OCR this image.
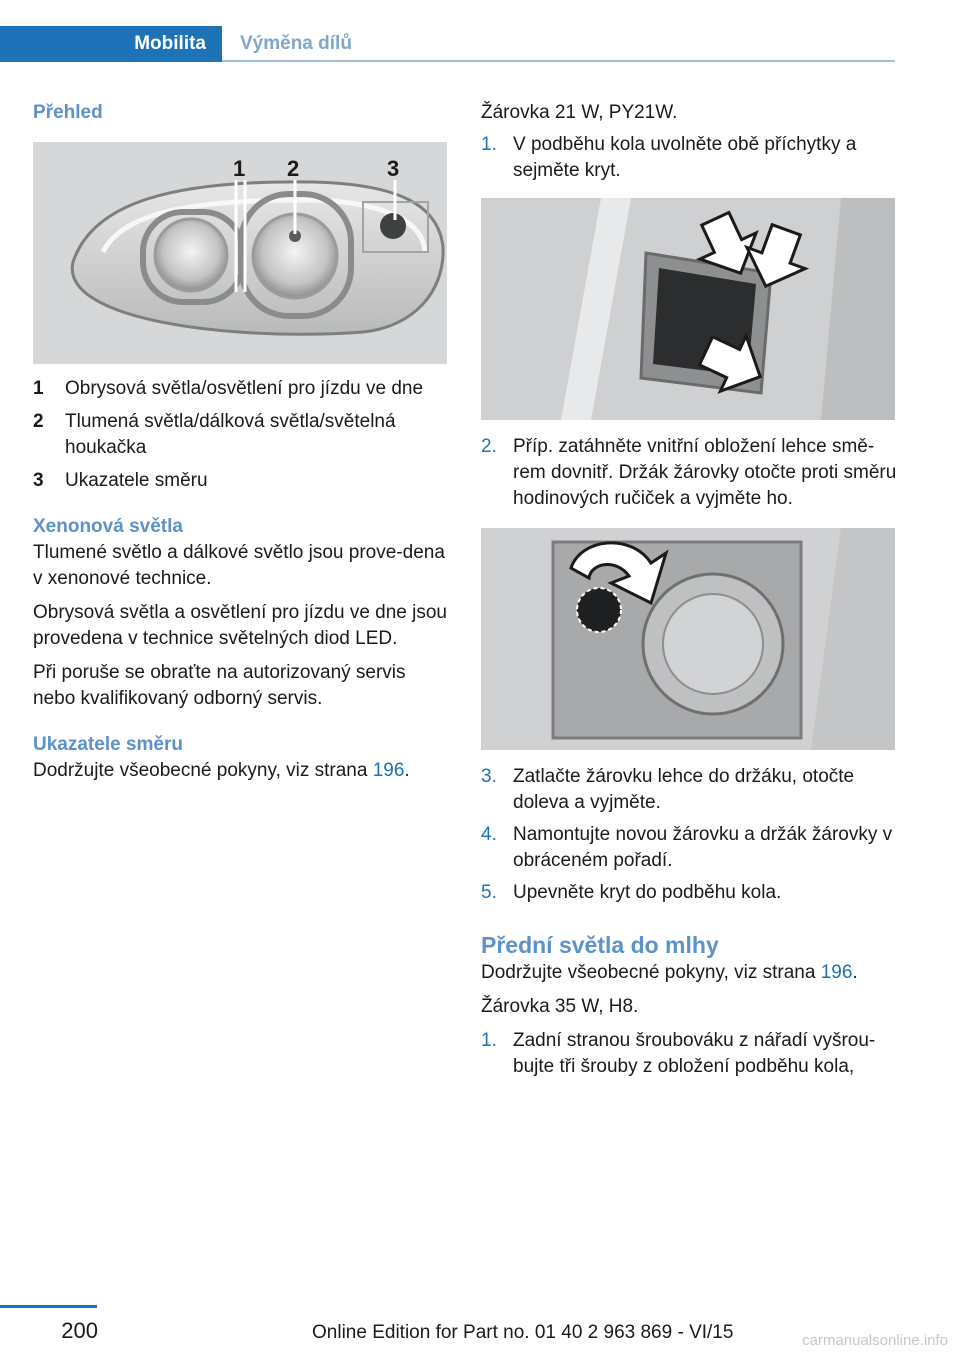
Mobilita Výměna dílů
Přehled
1 2	3
1	Obrysová světla/osvětlení pro jízdu ve dne
2	Tlumená světla/dálková světla/světelná houkačka
3	Ukazatele směru
Xenonová světla

Tlumené světlo a dálkové světlo jsou prove‐dena v xenonové technice.

Obrysová světla a osvětlení pro jízdu ve dne jsou provedena v technice světelných diod LED.

Při poruše se obraťte na autorizovaný servis nebo kvalifikovaný odborný servis.

Ukazatele směru

Dodržujte všeobecné pokyny, viz strana 196.

Žárovka 21 W, PY21W.

1. V podběhu kola uvolněte obě příchytky a sejměte kryt.
2. Příp. zatáhněte vnitřní obložení lehce smě‐rem dovnitř. Držák žárovky otočte proti směru hodinových ručiček a vyjměte ho.
3. Zatlačte žárovku lehce do držáku, otočte doleva a vyjměte.
4. Namontujte novou žárovku a držák žárovky v obráceném pořadí.
5. Upevněte kryt do podběhu kola.
Přední světla do mlhy

Dodržujte všeobecné pokyny, viz strana 196.

Žárovka 35 W, H8.

1. Zadní stranou šroubováku z nářadí vyšrou‐bujte tři šrouby z obložení podběhu kola,
200	Online Edition for Part no. 01 40 2 963 869 - VI/15	carmanualsonline.info
